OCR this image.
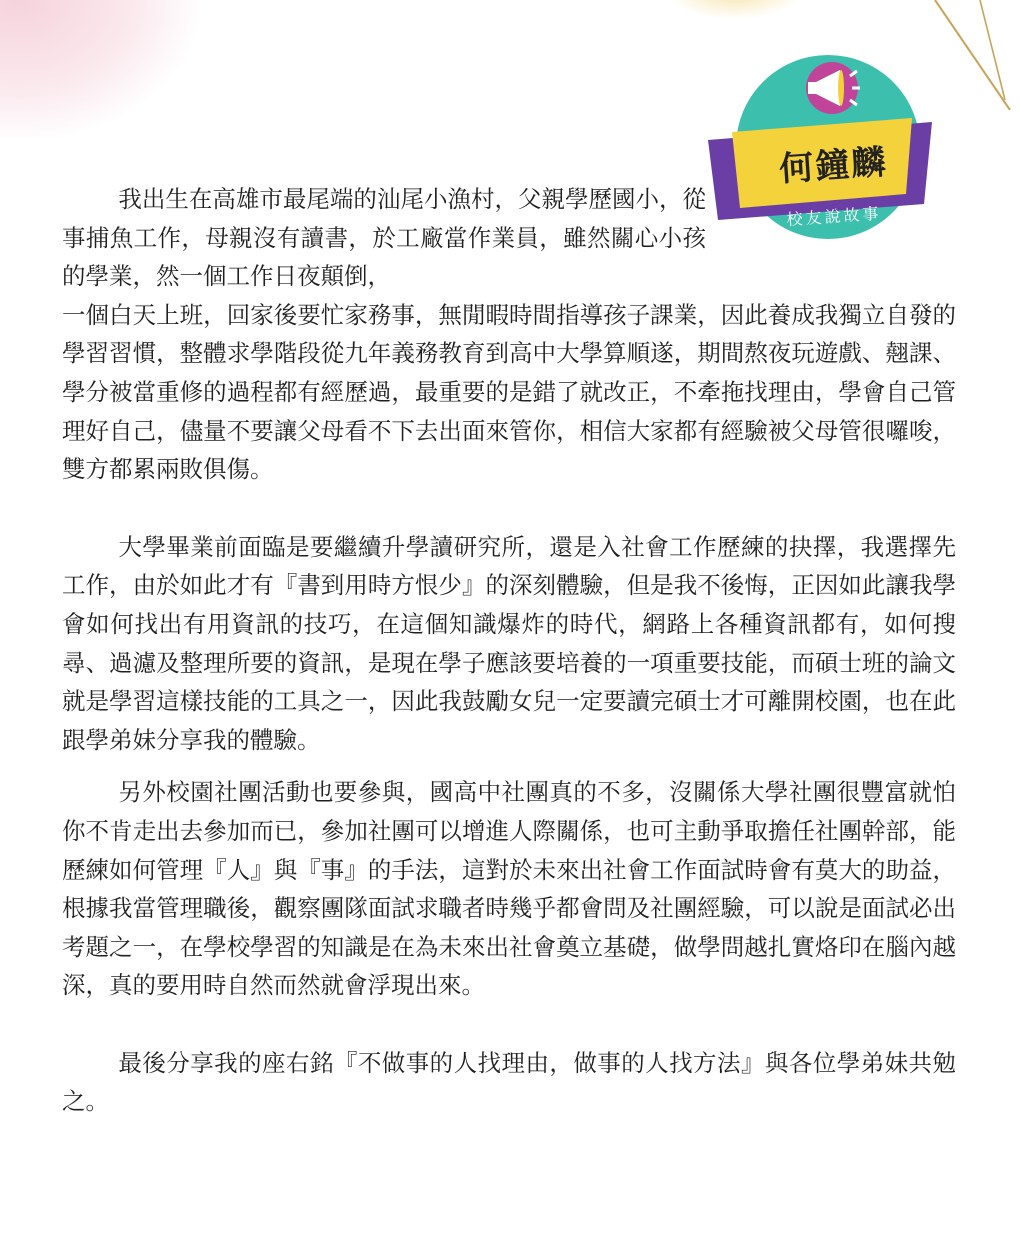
何鐘麟
校友說故事

我出生在高雄市最尾端的汕尾小漁村，父親學歷國小，從事捕魚工作，母親沒有讀書，於工廠當作業員，雖然關心小孩的學業，然一個工作日夜顛倒，
一個白天上班，回家後要忙家務事，無閒暇時間指導孩子課業，因此養成我獨立自發的學習習慣，整體求學階段從九年義務教育到高中大學算順遂，期間熬夜玩遊戲、翹課、學分被當重修的過程都有經歷過，最重要的是錯了就改正，不牽拖找理由，學會自己管理好自己，儘量不要讓父母看不下去出面來管你，相信大家都有經驗被父母管很囉唆，雙方都累兩敗俱傷。

大學畢業前面臨是要繼續升學讀研究所，還是入社會工作歷練的抉擇，我選擇先工作，由於如此才有『書到用時方恨少』的深刻體驗，但是我不後悔，正因如此讓我學會如何找出有用資訊的技巧，在這個知識爆炸的時代，網路上各種資訊都有，如何搜尋、過濾及整理所要的資訊，是現在學子應該要培養的一項重要技能，而碩士班的論文就是學習這樣技能的工具之一，因此我鼓勵女兒一定要讀完碩士才可離開校園，也在此跟學弟妹分享我的體驗。

另外校園社團活動也要參與，國高中社團真的不多，沒關係大學社團很豐富就怕你不肯走出去參加而已，參加社團可以增進人際關係，也可主動爭取擔任社團幹部，能歷練如何管理『人』與『事』的手法，這對於未來出社會工作面試時會有莫大的助益，根據我當管理職後，觀察團隊面試求職者時幾乎都會問及社團經驗，可以說是面試必出考題之一，在學校學習的知識是在為未來出社會奠立基礎，做學問越扎實烙印在腦內越深，真的要用時自然而然就會浮現出來。

最後分享我的座右銘『不做事的人找理由，做事的人找方法』與各位學弟妹共勉之。
